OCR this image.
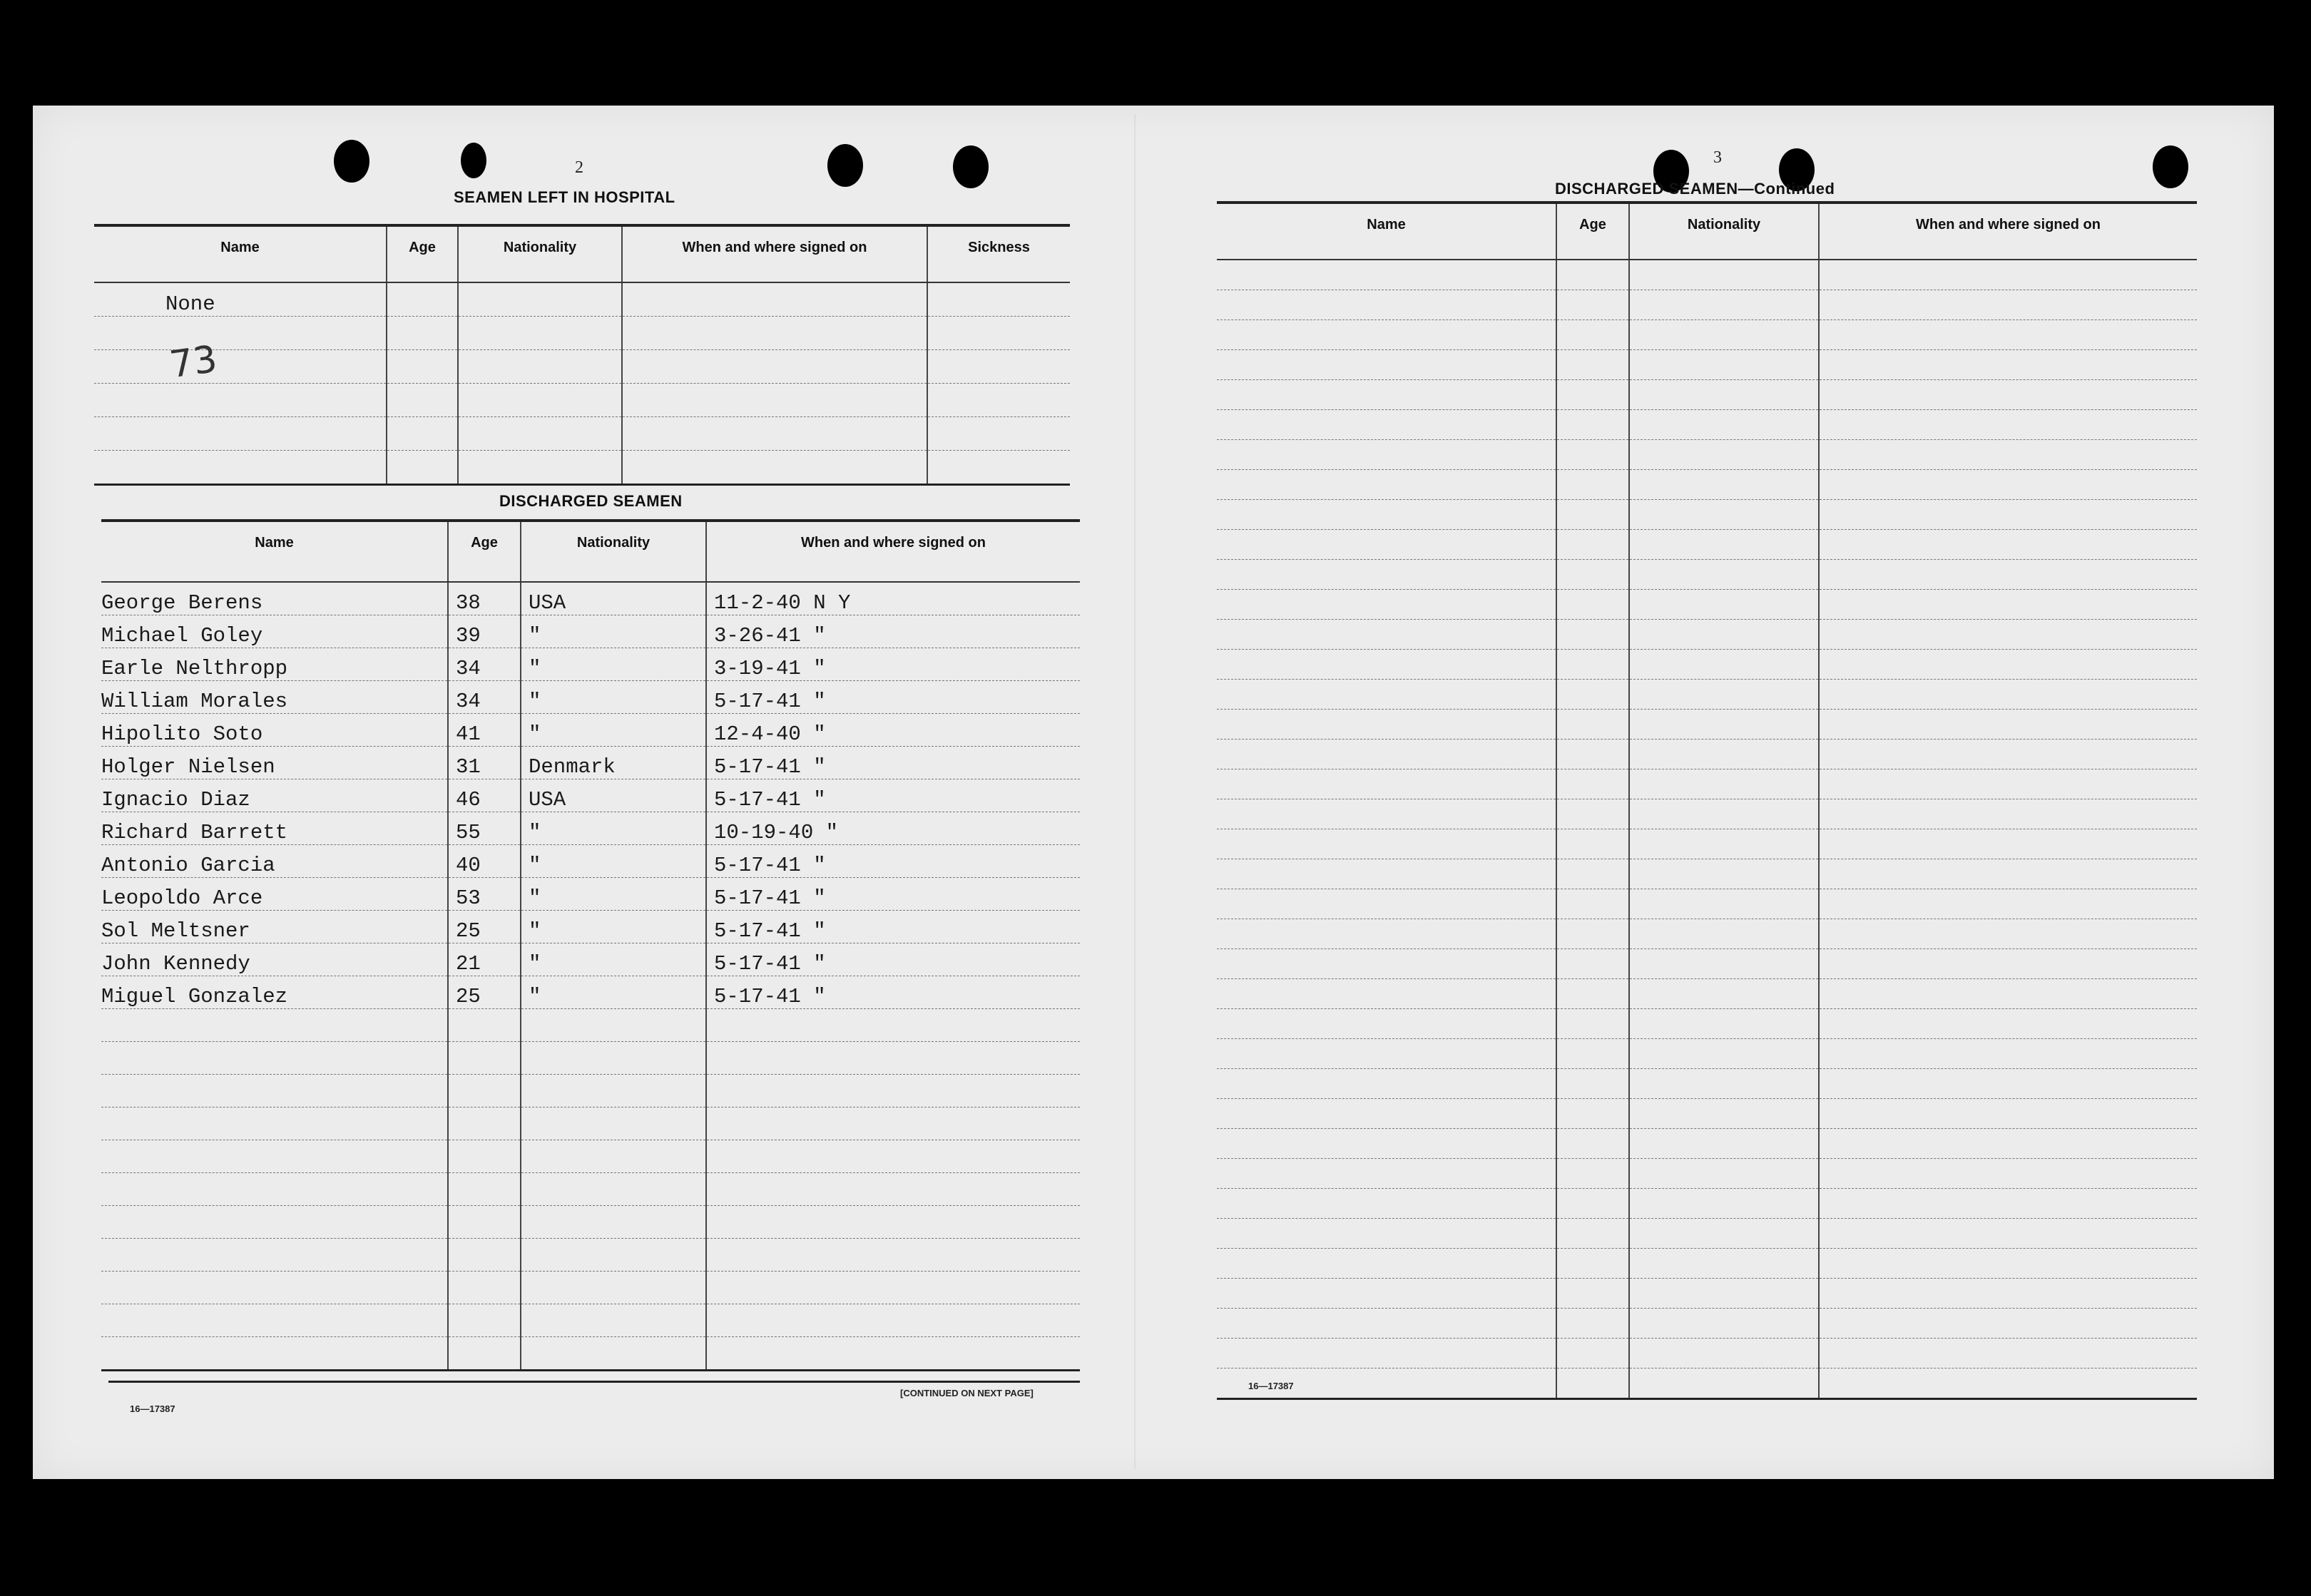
2
SEAMEN LEFT IN HOSPITAL
Name	Age	Nationality	When and where signed on	Sickness
None				

73
DISCHARGED SEAMEN
Name	Age	Nationality	When and where signed on
George Berens	38	USA	11-2-40 N Y
Michael Goley	39	"	3-26-41 "
Earle Nelthropp	34	"	3-19-41 "
William Morales	34	"	5-17-41 "
Hipolito Soto	41	"	12-4-40 "
Holger Nielsen	31	Denmark	5-17-41 "
Ignacio Diaz	46	USA	5-17-41 "
Richard Barrett	55	"	10-19-40 "
Antonio Garcia	40	"	5-17-41 "
Leopoldo Arce	53	"	5-17-41 "
Sol Meltsner	25	"	5-17-41 "
John Kennedy	21	"	5-17-41 "
Miguel Gonzalez	25	"	5-17-41 "

16—17387
[CONTINUED ON NEXT PAGE]
3
DISCHARGED SEAMEN—Continued
Name	Age	Nationality	When and where signed on

16—17387
